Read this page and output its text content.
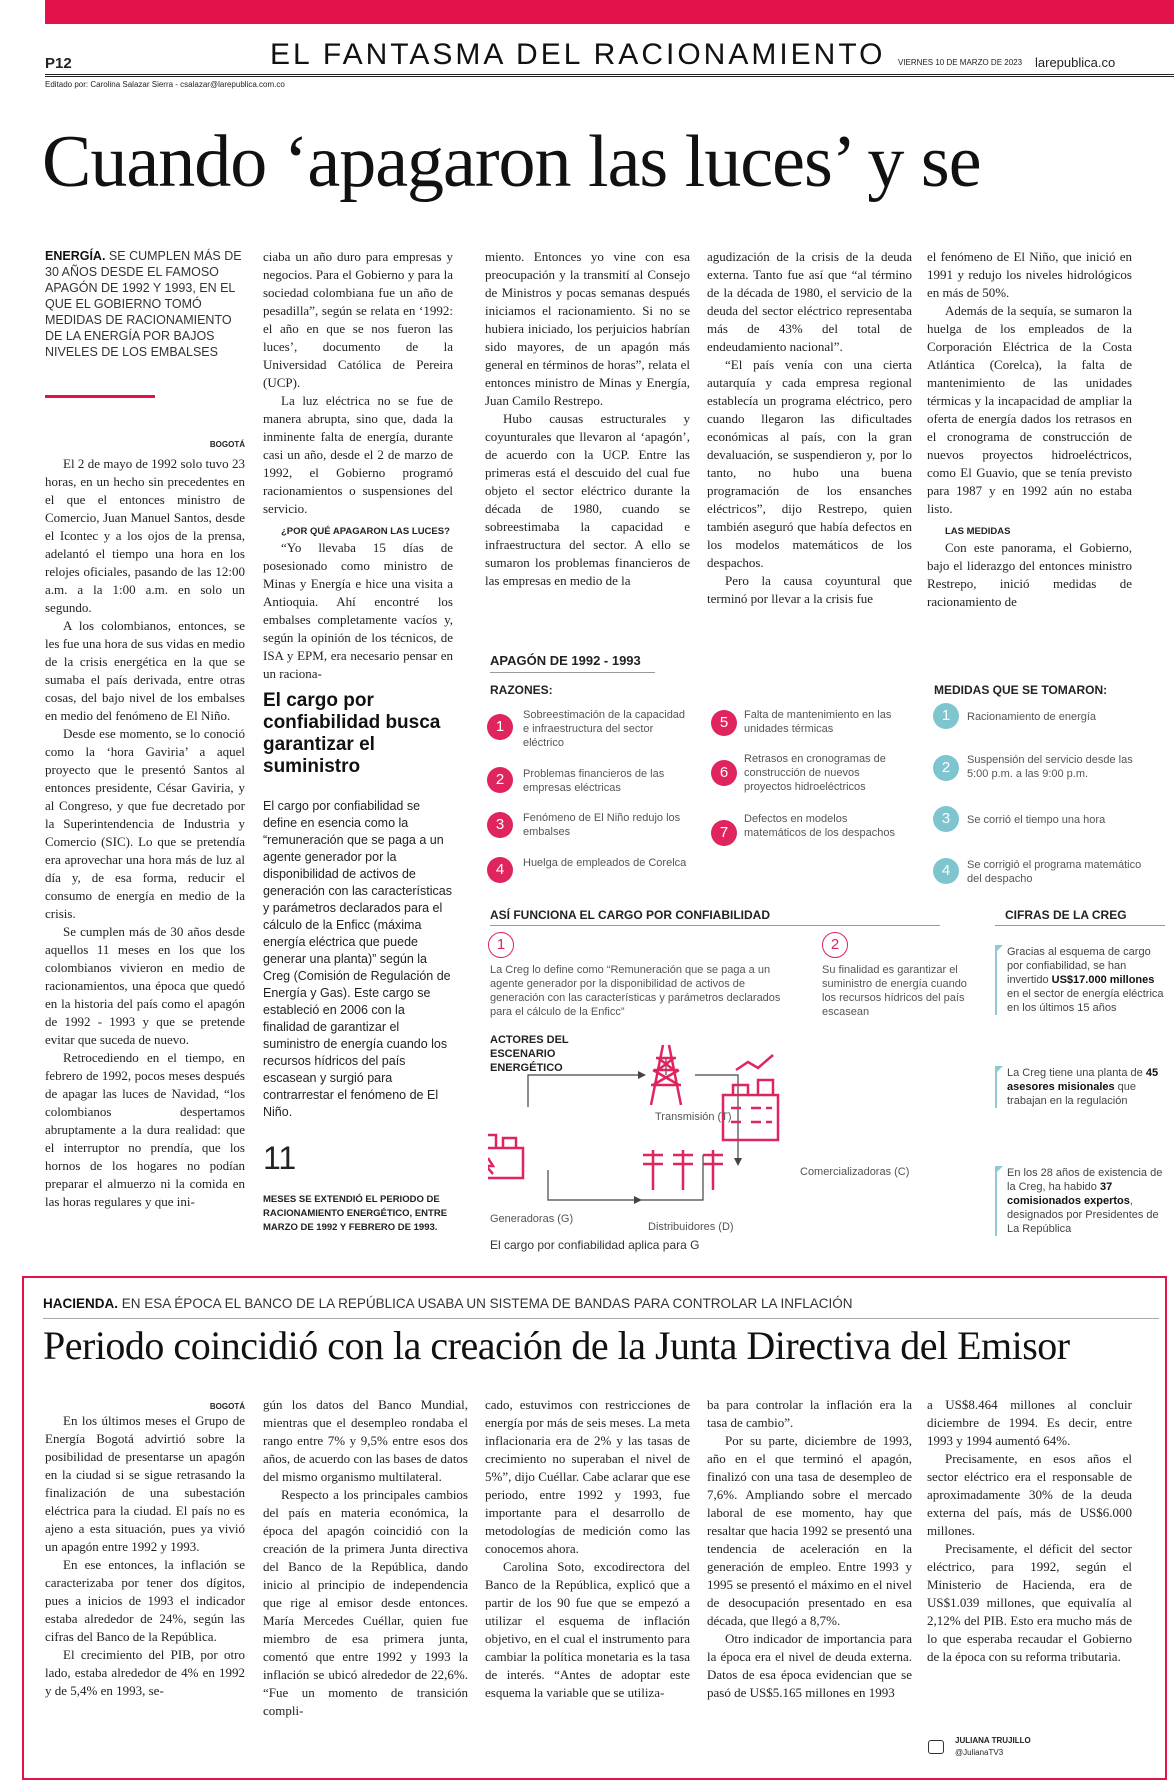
P12	EL FANTASMA DEL RACIONAMIENTO VIERNES 10 DE MARZO DE 2023 larepublica.co
Editado por: Carolina Salazar Sierra - csalazar@larepublica.com.co
Cuando ‘apagaron las luces’ y se
ENERGÍA. SE CUMPLEN MÁS DE 30 AÑOS DESDE EL FAMOSO APAGÓN DE 1992 Y 1993, EN EL QUE EL GOBIERNO TOMÓ MEDIDAS DE RACIONAMIENTO DE LA ENERGÍA POR BAJOS NIVELES DE LOS EMBALSES
BOGOTÁ

El 2 de mayo de 1992 solo tuvo 23 horas, en un hecho sin precedentes en el que el entonces ministro de Comercio, Juan Manuel Santos, desde el Icontec y a los ojos de la prensa, adelantó el tiempo una hora en los relojes oficiales, pasando de las 12:00 a.m. a la 1:00 a.m. en solo un segundo.

A los colombianos, entonces, se les fue una hora de sus vidas en medio de la crisis energética en la que se sumaba el país derivada, entre otras cosas, del bajo nivel de los embalses en medio del fenómeno de El Niño.

Desde ese momento, se lo conoció como la ‘hora Gaviria’ a aquel proyecto que le presentó Santos al entonces presidente, César Gaviria, y al Congreso, y que fue decretado por la Superintendencia de Industria y Comercio (SIC). Lo que se pretendía era aprovechar una hora más de luz al día y, de esa forma, reducir el consumo de energía en medio de la crisis.

Se cumplen más de 30 años desde aquellos 11 meses en los que los colombianos vivieron en medio de racionamientos, una época que quedó en la historia del país como el apagón de 1992 - 1993 y que se pretende evitar que suceda de nuevo.

Retrocediendo en el tiempo, en febrero de 1992, pocos meses después de apagar las luces de Navidad, “los colombianos despertamos abruptamente a la dura realidad: que el interruptor no prendía, que los hornos de los hogares no podían preparar el almuerzo ni la comida en las horas regulares y que ini-

ciaba un año duro para empresas y negocios. Para el Gobierno y para la sociedad colombiana fue un año de pesadilla”, según se relata en ‘1992: el año en que se nos fueron las luces’, documento de la Universidad Católica de Pereira (UCP).

La luz eléctrica no se fue de manera abrupta, sino que, dada la inminente falta de energía, durante casi un año, desde el 2 de marzo de 1992, el Gobierno programó racionamientos o suspensiones del servicio.

¿POR QUÉ APAGARON LAS LUCES?

“Yo llevaba 15 días de posesionado como ministro de Minas y Energía e hice una visita a Antioquia. Ahí encontré los embalses completamente vacíos y, según la opinión de los técnicos, de ISA y EPM, era necesario pensar en un raciona-

El cargo por confiabilidad busca garantizar el suministro
El cargo por confiabilidad se define en esencia como la “remuneración que se paga a un agente generador por la disponibilidad de activos de generación con las características y parámetros declarados para el cálculo de la Enficc (máxima energía eléctrica que puede generar una planta)” según la Creg (Comisión de Regulación de Energía y Gas). Este cargo se estableció en 2006 con la finalidad de garantizar el suministro de energía cuando los recursos hídricos del país escasean y surgió para contrarrestar el fenómeno de El Niño.
11
MESES SE EXTENDIÓ EL PERIODO DE RACIONAMIENTO ENERGÉTICO, ENTRE MARZO DE 1992 Y FEBRERO DE 1993.

miento. Entonces yo vine con esa preocupación y la transmití al Consejo de Ministros y pocas semanas después iniciamos el racionamiento. Si no se hubiera iniciado, los perjuicios habrían sido mayores, de un apagón más general en términos de horas”, relata el entonces ministro de Minas y Energía, Juan Camilo Restrepo.

Hubo causas estructurales y coyunturales que llevaron al ‘apagón’, de acuerdo con la UCP. Entre las primeras está el descuido del cual fue objeto el sector eléctrico durante la década de 1980, cuando se sobreestimaba la capacidad e infraestructura del sector. A ello se sumaron los problemas financieros de las empresas en medio de la

agudización de la crisis de la deuda externa. Tanto fue así que “al término de la década de 1980, el servicio de la deuda del sector eléctrico representaba más de 43% del total de endeudamiento nacional”.

“El país venía con una cierta autarquía y cada empresa regional establecía un programa eléctrico, pero cuando llegaron las dificultades económicas al país, con la gran devaluación, se suspendieron y, por lo tanto, no hubo una buena programación de los ensanches eléctricos”, dijo Restrepo, quien también aseguró que había defectos en los modelos matemáticos de los despachos.

Pero la causa coyuntural que terminó por llevar a la crisis fue

el fenómeno de El Niño, que inició en 1991 y redujo los niveles hidrológicos en más de 50%.

Además de la sequía, se sumaron la huelga de los empleados de la Corporación Eléctrica de la Costa Atlántica (Corelca), la falta de mantenimiento de las unidades térmicas y la incapacidad de ampliar la oferta de energía dados los retrasos en el cronograma de construcción de nuevos proyectos hidroeléctricos, como El Guavio, que se tenía previsto para 1987 y en 1992 aún no estaba listo.

LAS MEDIDAS

Con este panorama, el Gobierno, bajo el liderazgo del entonces ministro Restrepo, inició medidas de racionamiento de

APAGÓN DE 1992 - 1993
RAZONES:
1
Sobreestimación de la capacidad e infraestructura del sector eléctrico
2	Problemas financieros de las empresas eléctricas
3	Fenómeno de El Niño redujo los embalses
4	Huelga de empleados de Corelca
5	Falta de mantenimiento en las unidades térmicas
6
Retrasos en cronogramas de construcción de nuevos proyectos hidroeléctricos
7
Defectos en modelos matemáticos de los despachos
MEDIDAS QUE SE TOMARON:
1	Racionamiento de energía
2	Suspensión del servicio desde las 5:00 p.m. a las 9:00 p.m.
3	Se corrió el tiempo una hora
4	Se corrigió el programa matemático del despacho
ASÍ FUNCIONA EL CARGO POR CONFIABILIDAD
1
La Creg lo define como “Remuneración que se paga a un agente generador por la disponibilidad de activos de generación con las características y parámetros declarados para el cálculo de la Enficc”
2
Su finalidad es garantizar el suministro de energía cuando los recursos hídricos del país escasean
ACTORES DEL ESCENARIO ENERGÉTICO
Transmisión (T)
Generadoras (G)
Distribuidores (D)
Comercializadoras (C)
El cargo por confiabilidad aplica para G
CIFRAS DE LA CREG
Gracias al esquema de cargo por confiabilidad, se han invertido US$17.000 millones en el sector de energía eléctrica en los últimos 15 años
La Creg tiene una planta de 45 asesores misionales que trabajan en la regulación
En los 28 años de existencia de la Creg, ha habido 37 comisionados expertos, designados por Presidentes de La República
HACIENDA. EN ESA ÉPOCA EL BANCO DE LA REPÚBLICA USABA UN SISTEMA DE BANDAS PARA CONTROLAR LA INFLACIÓN
Periodo coincidió con la creación de la Junta Directiva del Emisor
BOGOTÁ

En los últimos meses el Grupo de Energía Bogotá advirtió sobre la posibilidad de presentarse un apagón en la ciudad si se sigue retrasando la finalización de una subestación eléctrica para la ciudad. El país no es ajeno a esta situación, pues ya vivió un apagón entre 1992 y 1993.

En ese entonces, la inflación se caracterizaba por tener dos dígitos, pues a inicios de 1993 el indicador estaba alrededor de 24%, según las cifras del Banco de la República.

El crecimiento del PIB, por otro lado, estaba alrededor de 4% en 1992 y de 5,4% en 1993, se-

gún los datos del Banco Mundial, mientras que el desempleo rondaba el rango entre 7% y 9,5% entre esos dos años, de acuerdo con las bases de datos del mismo organismo multilateral.

Respecto a los principales cambios del país en materia económica, la época del apagón coincidió con la creación de la primera Junta directiva del Banco de la República, dando inicio al principio de independencia que rige al emisor desde entonces. María Mercedes Cuéllar, quien fue miembro de esa primera junta, comentó que entre 1992 y 1993 la inflación se ubicó alrededor de 22,6%. “Fue un momento de transición compli-

cado, estuvimos con restricciones de energía por más de seis meses. La meta inflacionaria era de 2% y las tasas de crecimiento no superaban el nivel de 5%”, dijo Cuéllar. Cabe aclarar que ese periodo, entre 1992 y 1993, fue importante para el desarrollo de metodologías de medición como las conocemos ahora.

Carolina Soto, excodirectora del Banco de la República, explicó que a partir de los 90 fue que se empezó a utilizar el esquema de inflación objetivo, en el cual el instrumento para cambiar la política monetaria es la tasa de interés. “Antes de adoptar este esquema la variable que se utiliza-

ba para controlar la inflación era la tasa de cambio”.

Por su parte, diciembre de 1993, año en el que terminó el apagón, finalizó con una tasa de desempleo de 7,6%. Ampliando sobre el mercado laboral de ese momento, hay que resaltar que hacia 1992 se presentó una tendencia de aceleración en la generación de empleo. Entre 1993 y 1995 se presentó el máximo en el nivel de desocupación presentado en esa década, que llegó a 8,7%.

Otro indicador de importancia para la época era el nivel de deuda externa. Datos de esa época evidencian que se pasó de US$5.165 millones en 1993

a US$8.464 millones al concluir diciembre de 1994. Es decir, entre 1993 y 1994 aumentó 64%.

Precisamente, en esos años el sector eléctrico era el responsable de aproximadamente 30% de la deuda externa del país, más de US$6.000 millones.

Precisamente, el déficit del sector eléctrico, para 1992, según el Ministerio de Hacienda, era de US$1.039 millones, que equivalía al 2,12% del PIB. Esto era mucho más de lo que esperaba recaudar el Gobierno de la época con su reforma tributaria.

JULIANA TRUJILLO
@JulianaTV3
